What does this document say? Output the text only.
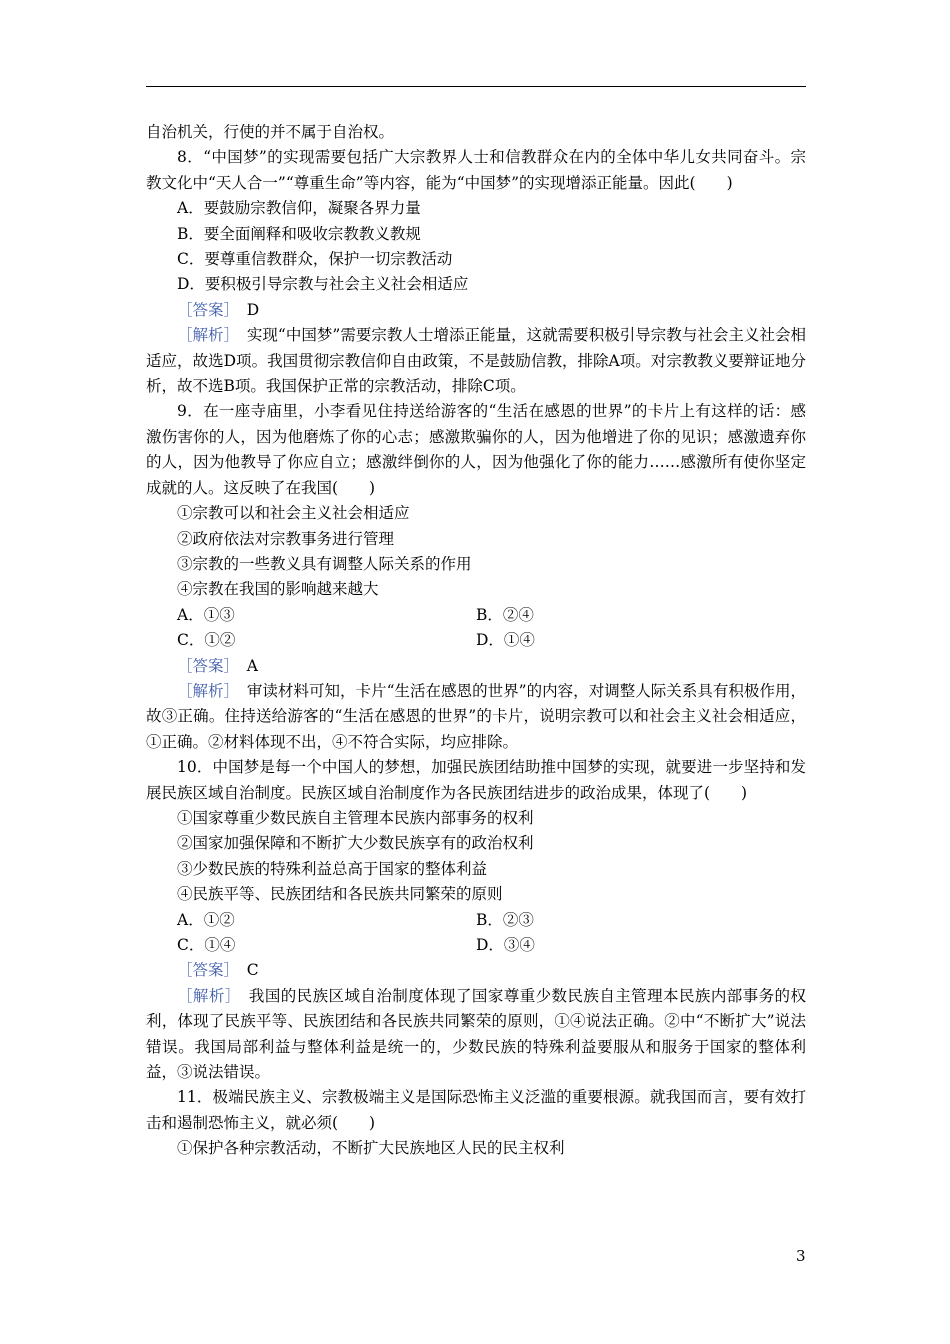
自治机关，行使的并不属于自治权。

8．“中国梦”的实现需要包括广大宗教界人士和信教群众在内的全体中华儿女共同奋斗。宗教文化中“天人合一”“尊重生命”等内容，能为“中国梦”的实现增添正能量。因此(　　)

A．要鼓励宗教信仰，凝聚各界力量

B．要全面阐释和吸收宗教教义教规

C．要尊重信教群众，保护一切宗教活动

D．要积极引导宗教与社会主义社会相适应

［答案］　 D

［解析］　 实现“中国梦”需要宗教人士增添正能量，这就需要积极引导宗教与社会主义社会相适应，故选D项。我国贯彻宗教信仰自由政策，不是鼓励信教，排除A项。对宗教教义要辩证地分析，故不选B项。我国保护正常的宗教活动，排除C项。

9．在一座寺庙里，小李看见住持送给游客的“生活在感恩的世界”的卡片上有这样的话：感激伤害你的人，因为他磨炼了你的心志；感激欺骗你的人，因为他增进了你的见识；感激遗弃你的人，因为他教导了你应自立；感激绊倒你的人，因为他强化了你的能力……感激所有使你坚定成就的人。这反映了在我国(　　)

①宗教可以和社会主义社会相适应

②政府依法对宗教事务进行管理

③宗教的一些教义具有调整人际关系的作用

④宗教在我国的影响越来越大

A．①③	B．②④
C．①②	D．①④

［答案］　 A

［解析］　 审读材料可知，卡片“生活在感恩的世界”的内容，对调整人际关系具有积极作用，故③正确。住持送给游客的“生活在感恩的世界”的卡片，说明宗教可以和社会主义社会相适应，①正确。②材料体现不出，④不符合实际，均应排除。

10．中国梦是每一个中国人的梦想，加强民族团结助推中国梦的实现，就要进一步坚持和发展民族区域自治制度。民族区域自治制度作为各民族团结进步的政治成果，体现了(　　)

①国家尊重少数民族自主管理本民族内部事务的权利

②国家加强保障和不断扩大少数民族享有的政治权利

③少数民族的特殊利益总高于国家的整体利益

④民族平等、民族团结和各民族共同繁荣的原则

A．①②	B．②③
C．①④	D．③④

［答案］　 C

［解析］　 我国的民族区域自治制度体现了国家尊重少数民族自主管理本民族内部事务的权利，体现了民族平等、民族团结和各民族共同繁荣的原则，①④说法正确。②中“不断扩大”说法错误。我国局部利益与整体利益是统一的，少数民族的特殊利益要服从和服务于国家的整体利益，③说法错误。

11．极端民族主义、宗教极端主义是国际恐怖主义泛滥的重要根源。就我国而言，要有效打击和遏制恐怖主义，就必须(　　)

①保护各种宗教活动，不断扩大民族地区人民的民主权利

3
